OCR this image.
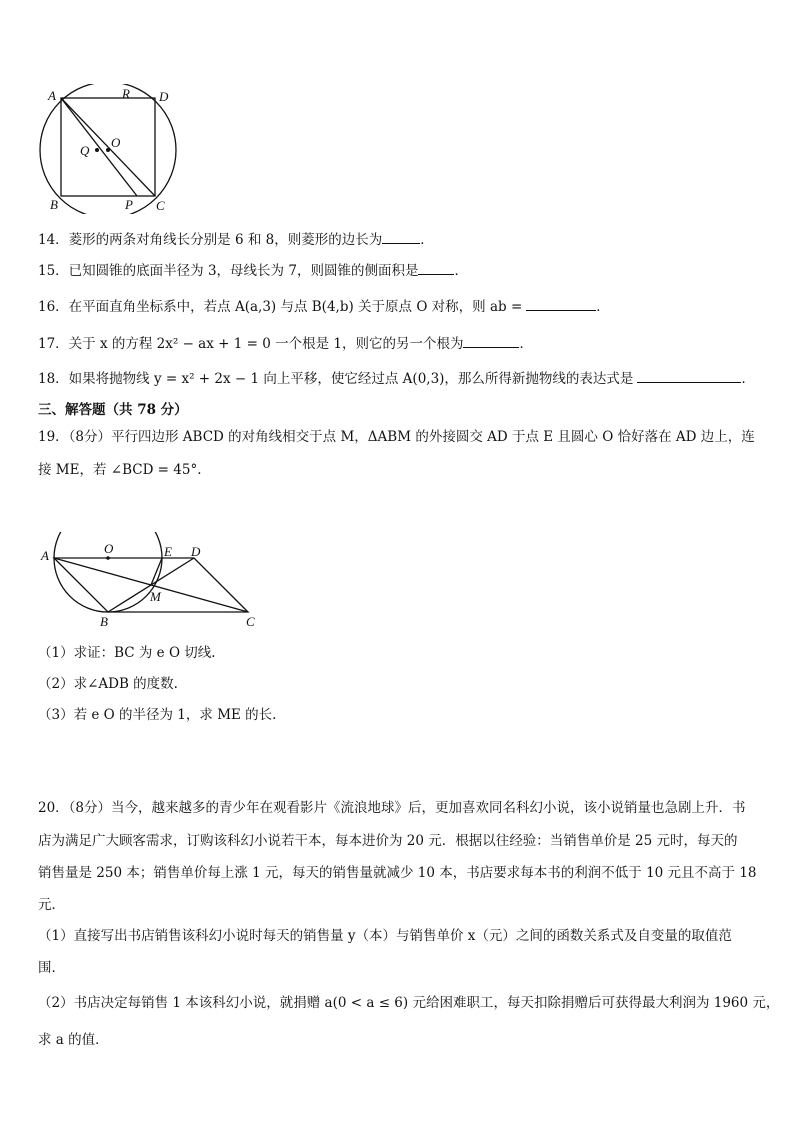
A	R D
Q
O
B	P C
14．菱形的两条对角线长分别是 6 和 8，则菱形的边长为	．
15．已知圆锥的底面半径为 3，母线长为 7，则圆锥的侧面积是	．
16．在平面直角坐标系中，若点 A(a,3) 与点 B(4,b) 关于原点 O 对称，则 ab =	．
17．关于 x 的方程 2x² − ax + 1 = 0 一个根是 1，则它的另一个根为	．
18．如果将抛物线 y = x² + 2x − 1 向上平移，使它经过点 A(0,3)，那么所得新抛物线的表达式是	．
三、解答题（共 78 分）
19．（8分）平行四边形 ABCD 的对角线相交于点 M，ΔABM 的外接圆交 AD 于点 E 且圆心 O 恰好落在 AD 边上，连
接 ME，若 ∠BCD = 45°.
A	O	E D
M
B	C
（1）求证：BC 为 e O 切线.
（2）求∠ADB 的度数.
（3）若 e O 的半径为 1，求 ME 的长.
20．（8分）当今，越来越多的青少年在观看影片《流浪地球》后，更加喜欢同名科幻小说，该小说销量也急剧上升．书
店为满足广大顾客需求，订购该科幻小说若干本，每本进价为 20 元．根据以往经验：当销售单价是 25 元时，每天的
销售量是 250 本；销售单价每上涨 1 元，每天的销售量就减少 10 本，书店要求每本书的利润不低于 10 元且不高于 18
元．
（1）直接写出书店销售该科幻小说时每天的销售量 y（本）与销售单价 x（元）之间的函数关系式及自变量的取值范
围．
（2）书店决定每销售 1 本该科幻小说，就捐赠 a(0 < a ≤ 6) 元给困难职工，每天扣除捐赠后可获得最大利润为 1960 元，
求 a 的值．
